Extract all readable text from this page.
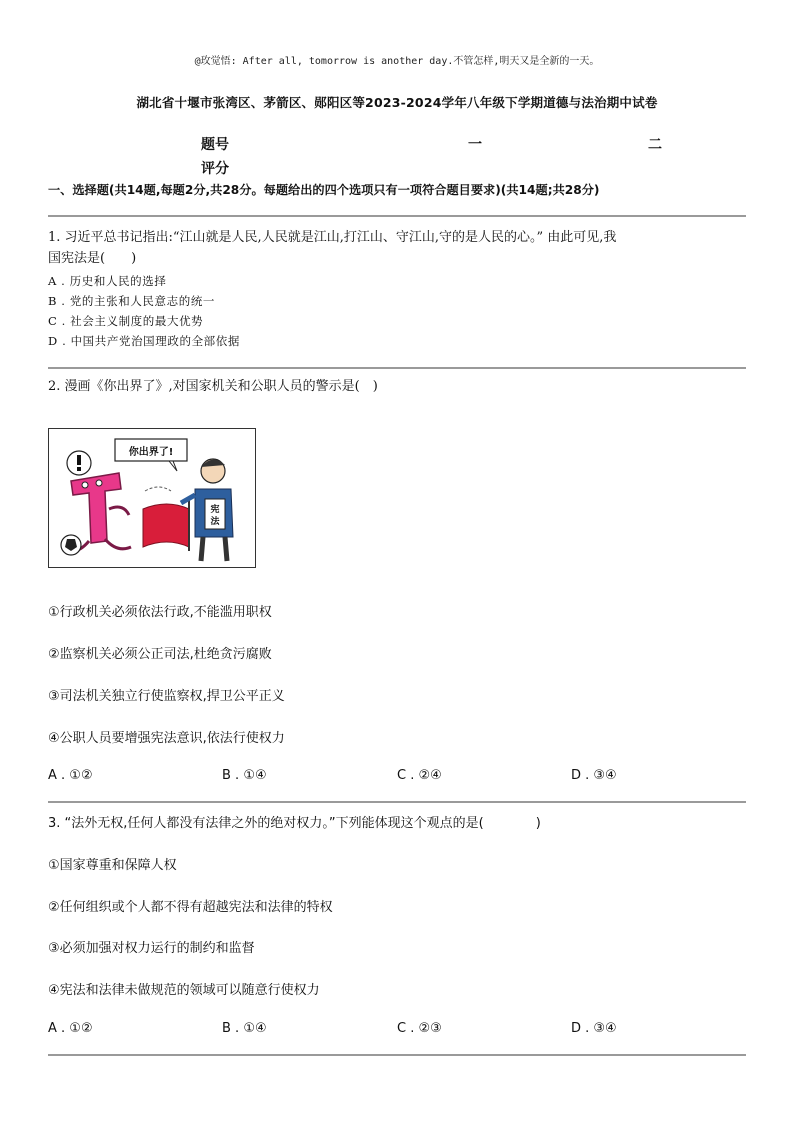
@玫觉悟: After all, tomorrow is another day.不管怎样,明天又是全新的一天。
湖北省十堰市张湾区、茅箭区、郧阳区等2023-2024学年八年级下学期道德与法治期中试卷
题号	一	二
评分
一、选择题(共14题,每题2分,共28分。每题给出的四个选项只有一项符合题目要求)(共14题;共28分)
1. 习近平总书记指出:“江山就是人民,人民就是江山,打江山、守江山,守的是人民的心。” 由此可见,我
国宪法是(　　)
A . 历史和人民的选择
B . 党的主张和人民意志的统一
C . 社会主义制度的最大优势
D . 中国共产党治国理政的全部依据
2. 漫画《你出界了》,对国家机关和公职人员的警示是(　)
你出界了!
宪
法
①行政机关必须依法行政,不能滥用职权
②监察机关必须公正司法,杜绝贪污腐败
③司法机关独立行使监察权,捍卫公平正义
④公职人员要增强宪法意识,依法行使权力
A . ①②	B . ①④	C . ②④	D . ③④
3. “法外无权,任何人都没有法律之外的绝对权力。”下列能体现这个观点的是(　　　　)
①国家尊重和保障人权
②任何组织或个人都不得有超越宪法和法律的特权
③必须加强对权力运行的制约和监督
④宪法和法律未做规范的领域可以随意行使权力
A . ①②	B . ①④	C . ②③	D . ③④
